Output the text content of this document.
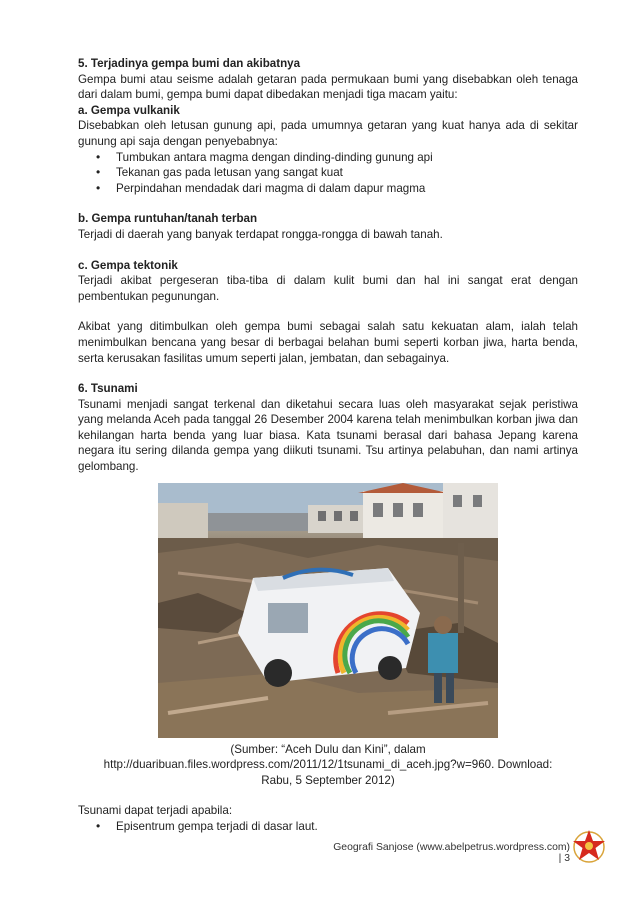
5. Terjadinya gempa bumi dan akibatnya

Gempa bumi atau seisme adalah getaran pada permukaan bumi yang disebabkan oleh tenaga dari dalam bumi, gempa bumi dapat dibedakan menjadi tiga macam yaitu:

a. Gempa vulkanik

Disebabkan oleh letusan gunung api, pada umumnya getaran yang kuat hanya ada di sekitar gunung api saja dengan penyebabnya:

• Tumbukan antara magma dengan dinding-dinding gunung api
• Tekanan gas pada letusan yang sangat kuat
• Perpindahan mendadak dari magma di dalam dapur magma

b. Gempa runtuhan/tanah terban

Terjadi di daerah yang banyak terdapat rongga-rongga di bawah tanah.

c. Gempa tektonik

Terjadi akibat pergeseran tiba-tiba di dalam kulit bumi dan hal ini sangat erat dengan pembentukan pegunungan.

Akibat yang ditimbulkan oleh gempa bumi sebagai salah satu kekuatan alam, ialah telah menimbulkan bencana yang besar di berbagai belahan bumi seperti korban jiwa, harta benda, serta kerusakan fasilitas umum seperti jalan, jembatan, dan sebagainya.

6. Tsunami

Tsunami menjadi sangat terkenal dan diketahui secara luas oleh masyarakat sejak peristiwa yang melanda Aceh pada tanggal 26 Desember 2004 karena telah menimbulkan korban jiwa dan kehilangan harta benda yang luar biasa. Kata tsunami berasal dari bahasa Jepang karena negara itu sering dilanda gempa yang diikuti tsunami. Tsu artinya pelabuhan, dan nami artinya gelombang.

(Sumber: “Aceh Dulu dan Kini”, dalam
http://duaribuan.files.wordpress.com/2011/12/1tsunami_di_aceh.jpg?w=960. Download:
Rabu, 5 September 2012)

Tsunami dapat terjadi apabila:

• Episentrum gempa terjadi di dasar laut.
Geografi Sanjose (www.abelpetrus.wordpress.com) | 3
